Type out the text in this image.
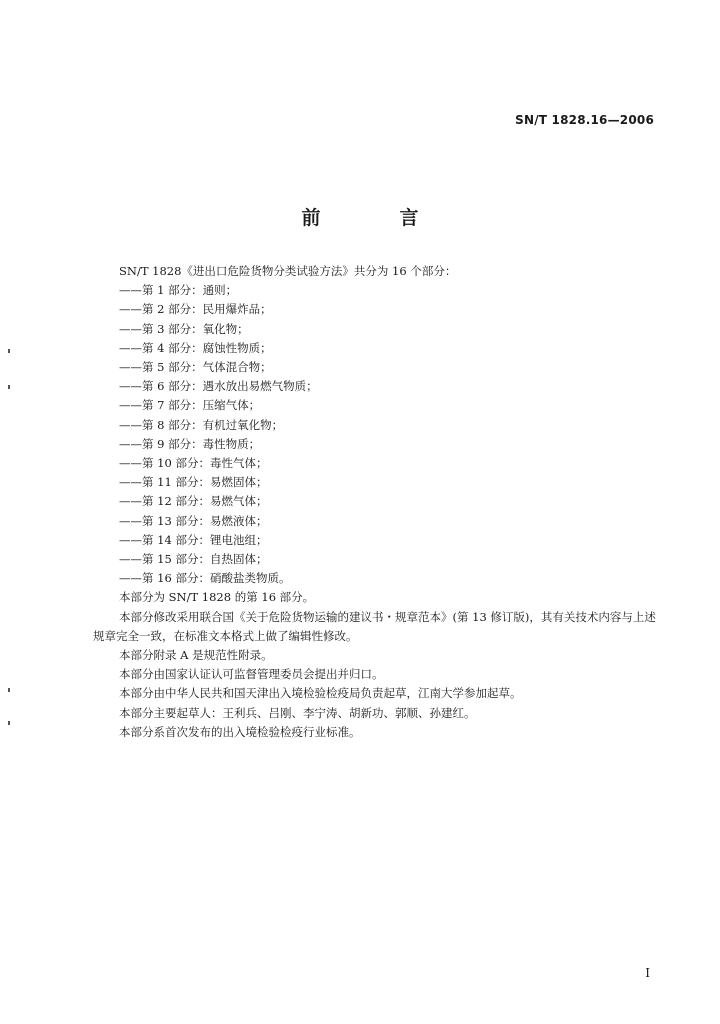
SN/T 1828.16—2006
前　言

SN/T 1828《进出口危险货物分类试验方法》共分为 16 个部分：

——第 1 部分：通则；
——第 2 部分：民用爆炸品；
——第 3 部分：氧化物；
——第 4 部分：腐蚀性物质；
——第 5 部分：气体混合物；
——第 6 部分：遇水放出易燃气物质；
——第 7 部分：压缩气体；
——第 8 部分：有机过氧化物；
——第 9 部分：毒性物质；
——第 10 部分：毒性气体；
——第 11 部分：易燃固体；
——第 12 部分：易燃气体；
——第 13 部分：易燃液体；
——第 14 部分：锂电池组；
——第 15 部分：自热固体；
——第 16 部分：硝酸盐类物质。

本部分为 SN/T 1828 的第 16 部分。

本部分修改采用联合国《关于危险货物运输的建议书・规章范本》(第 13 修订版)，其有关技术内容与上述规章完全一致，在标准文本格式上做了编辑性修改。

本部分附录 A 是规范性附录。

本部分由国家认证认可监督管理委员会提出并归口。

本部分由中华人民共和国天津出入境检验检疫局负责起草，江南大学参加起草。

本部分主要起草人：王利兵、吕刚、李宁涛、胡新功、郭顺、孙建红。

本部分系首次发布的出入境检验检疫行业标准。

I
